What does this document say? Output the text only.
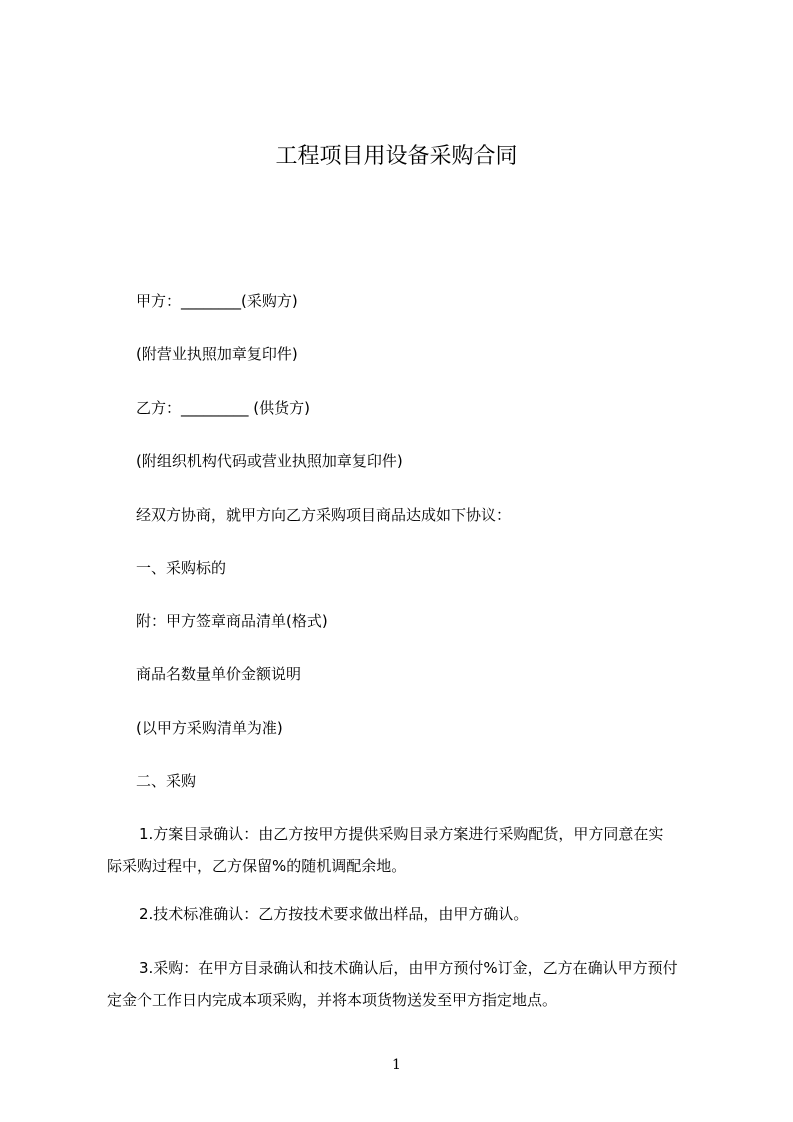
工程项目用设备采购合同
甲方：________(采购方)
(附营业执照加章复印件)
乙方：_________ (供货方)
(附组织机构代码或营业执照加章复印件)
经双方协商，就甲方向乙方采购项目商品达成如下协议：
一、采购标的
附：甲方签章商品清单(格式)
商品名数量单价金额说明
(以甲方采购清单为准)
二、采购
1.方案目录确认：由乙方按甲方提供采购目录方案进行采购配货，甲方同意在实
际采购过程中，乙方保留%的随机调配余地。
2.技术标准确认：乙方按技术要求做出样品，由甲方确认。
3.采购：在甲方目录确认和技术确认后，由甲方预付%订金，乙方在确认甲方预付
定金个工作日内完成本项采购，并将本项货物送发至甲方指定地点。
1
